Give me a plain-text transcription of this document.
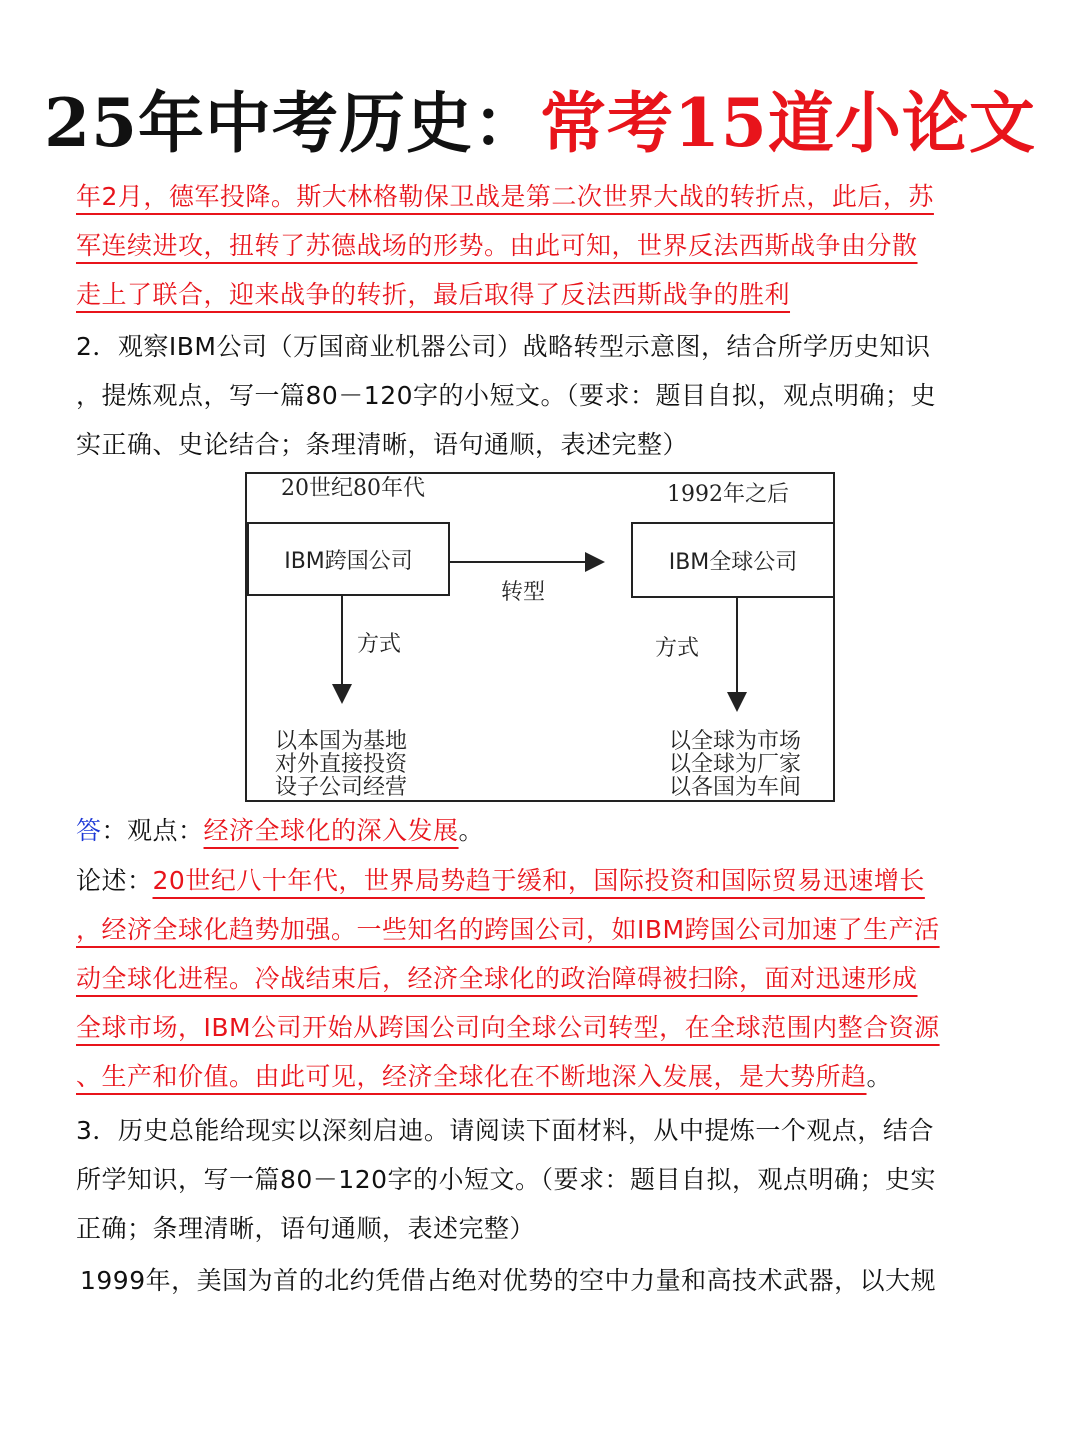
25年中考历史：常考15道小论文
年2月，德军投降。斯大林格勒保卫战是第二次世界大战的转折点，此后，苏
军连续进攻，扭转了苏德战场的形势。由此可知，世界反法西斯战争由分散
走上了联合，迎来战争的转折，最后取得了反法西斯战争的胜利
2．观察IBM公司（万国商业机器公司）战略转型示意图，结合所学历史知识
，提炼观点，写一篇80－120字的小短文。（要求：题目自拟，观点明确；史
实正确、史论结合；条理清晰，语句通顺，表述完整）
20世纪80年代	1992年之后
IBM跨国公司	IBM全球公司
转型
方式	方式
以本国为基地
对外直接投资
设子公司经营
以全球为市场
以全球为厂家
以各国为车间
答：观点：经济全球化的深入发展。
论述：20世纪八十年代，世界局势趋于缓和，国际投资和国际贸易迅速增长
，经济全球化趋势加强。一些知名的跨国公司，如IBM跨国公司加速了生产活
动全球化进程。冷战结束后，经济全球化的政治障碍被扫除，面对迅速形成
全球市场，IBM公司开始从跨国公司向全球公司转型，在全球范围内整合资源
、生产和价值。由此可见，经济全球化在不断地深入发展，是大势所趋。
3．历史总能给现实以深刻启迪。请阅读下面材料，从中提炼一个观点，结合
所学知识，写一篇80－120字的小短文。（要求：题目自拟，观点明确；史实
正确；条理清晰，语句通顺，表述完整）
1999年，美国为首的北约凭借占绝对优势的空中力量和高技术武器，以大规
